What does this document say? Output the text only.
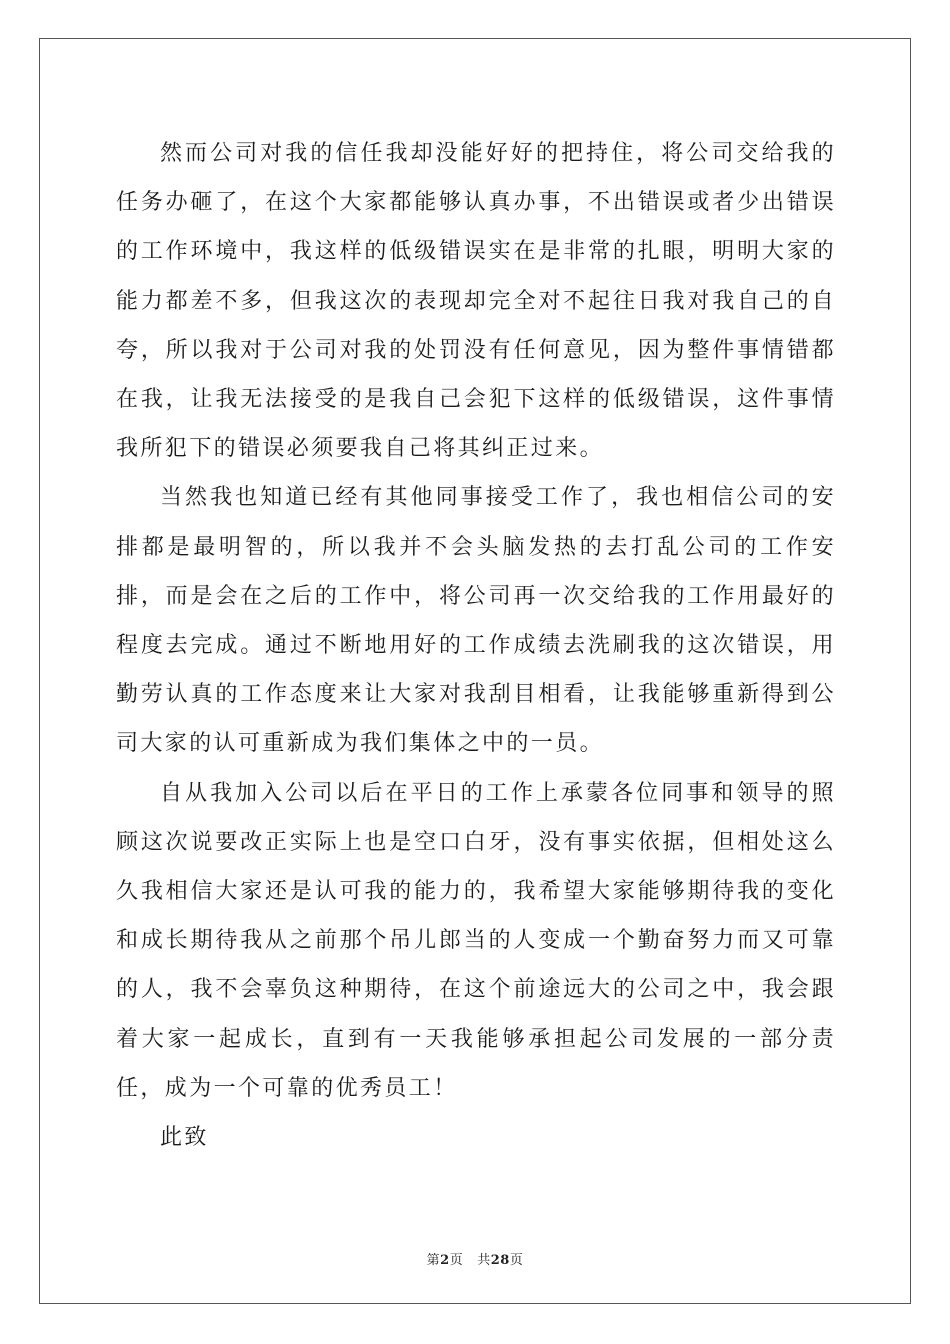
然而公司对我的信任我却没能好好的把持住，将公司交给我的任务办砸了，在这个大家都能够认真办事，不出错误或者少出错误的工作环境中，我这样的低级错误实在是非常的扎眼，明明大家的能力都差不多，但我这次的表现却完全对不起往日我对我自己的自夸，所以我对于公司对我的处罚没有任何意见，因为整件事情错都在我，让我无法接受的是我自己会犯下这样的低级错误，这件事情我所犯下的错误必须要我自己将其纠正过来。

当然我也知道已经有其他同事接受工作了，我也相信公司的安排都是最明智的，所以我并不会头脑发热的去打乱公司的工作安排，而是会在之后的工作中，将公司再一次交给我的工作用最好的程度去完成。通过不断地用好的工作成绩去洗刷我的这次错误，用勤劳认真的工作态度来让大家对我刮目相看，让我能够重新得到公司大家的认可重新成为我们集体之中的一员。

自从我加入公司以后在平日的工作上承蒙各位同事和领导的照顾这次说要改正实际上也是空口白牙，没有事实依据，但相处这么久我相信大家还是认可我的能力的，我希望大家能够期待我的变化和成长期待我从之前那个吊儿郎当的人变成一个勤奋努力而又可靠的人，我不会辜负这种期待，在这个前途远大的公司之中，我会跟着大家一起成长，直到有一天我能够承担起公司发展的一部分责任，成为一个可靠的优秀员工！

此致

第2页 共28页
